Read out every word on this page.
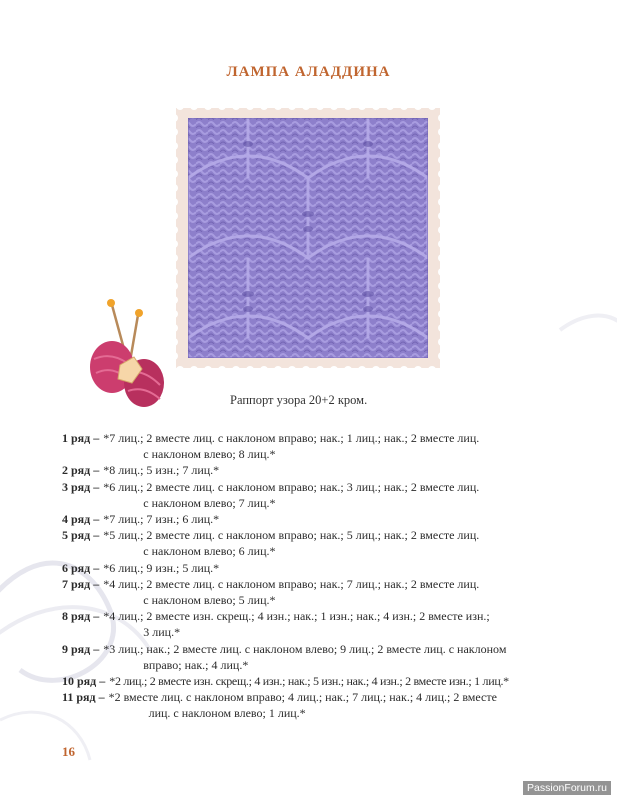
ЛАМПА АЛАДДИНА
Раппорт узора 20+2 кром.
1 ряд – *7 лиц.; 2 вместе лиц. с наклоном вправо; нак.; 1 лиц.; нак.; 2 вместе лиц.
с наклоном влево; 8 лиц.*
2 ряд – *8 лиц.; 5 изн.; 7 лиц.*
3 ряд – *6 лиц.; 2 вместе лиц. с наклоном вправо; нак.; 3 лиц.; нак.; 2 вместе лиц.
с наклоном влево; 7 лиц.*
4 ряд – *7 лиц.; 7 изн.; 6 лиц.*
5 ряд – *5 лиц.; 2 вместе лиц. с наклоном вправо; нак.; 5 лиц.; нак.; 2 вместе лиц.
с наклоном влево; 6 лиц.*
6 ряд – *6 лиц.; 9 изн.; 5 лиц.*
7 ряд – *4 лиц.; 2 вместе лиц. с наклоном вправо; нак.; 7 лиц.; нак.; 2 вместе лиц.
с наклоном влево; 5 лиц.*
8 ряд – *4 лиц.; 2 вместе изн. скрещ.; 4 изн.; нак.; 1 изн.; нак.; 4 изн.; 2 вместе изн.;
3 лиц.*
9 ряд – *3 лиц.; нак.; 2 вместе лиц. с наклоном влево; 9 лиц.; 2 вместе лиц. с наклоном
вправо; нак.; 4 лиц.*
10 ряд – *2 лиц.; 2 вместе изн. скрещ.; 4 изн.; нак.; 5 изн.; нак.; 4 изн.; 2 вместе изн.; 1 лиц.*
11 ряд – *2 вместе лиц. с наклоном вправо; 4 лиц.; нак.; 7 лиц.; нак.; 4 лиц.; 2 вместе
лиц. с наклоном влево; 1 лиц.*
16
PassionForum.ru
